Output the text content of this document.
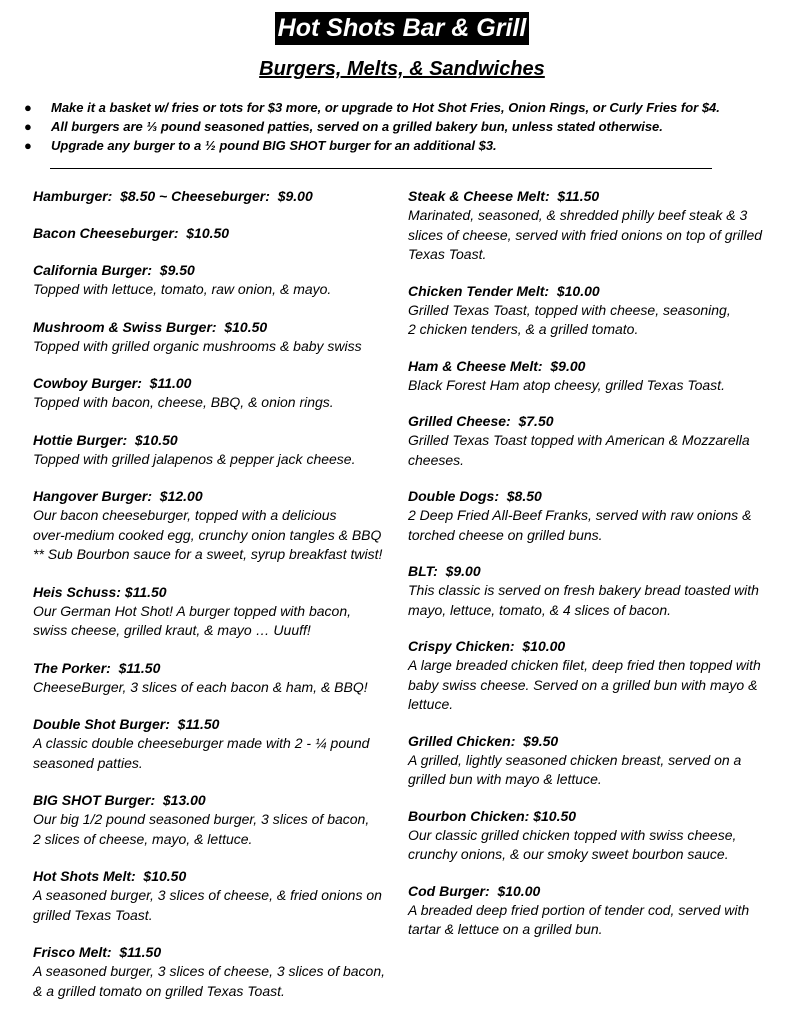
Hot Shots Bar & Grill
Burgers, Melts, & Sandwiches
● Make it a basket w/ fries or tots for $3 more, or upgrade to Hot Shot Fries, Onion Rings, or Curly Fries for $4.
● All burgers are ⅓ pound seasoned patties, served on a grilled bakery bun, unless stated otherwise.
● Upgrade any burger to a ½ pound BIG SHOT burger for an additional $3.
Hamburger:  $8.50 ~ Cheeseburger:  $9.00
Bacon Cheeseburger:  $10.50
California Burger:  $9.50
Topped with lettuce, tomato, raw onion, & mayo.
Mushroom & Swiss Burger:  $10.50
Topped with grilled organic mushrooms & baby swiss
Cowboy Burger:  $11.00
Topped with bacon, cheese, BBQ, & onion rings.
Hottie Burger:  $10.50
Topped with grilled jalapenos & pepper jack cheese.
Hangover Burger:  $12.00
Our bacon cheeseburger, topped with a delicious
over-medium cooked egg, crunchy onion tangles & BBQ
** Sub Bourbon sauce for a sweet, syrup breakfast twist!
Heis Schuss: $11.50
Our German Hot Shot! A burger topped with bacon,
swiss cheese, grilled kraut, & mayo … Uuuff!
The Porker:  $11.50
CheeseBurger, 3 slices of each bacon & ham, & BBQ!
Double Shot Burger:  $11.50
A classic double cheeseburger made with 2 - ¼ pound
seasoned patties.
BIG SHOT Burger:  $13.00
Our big 1/2 pound seasoned burger, 3 slices of bacon,
2 slices of cheese, mayo, & lettuce.
Hot Shots Melt:  $10.50
A seasoned burger, 3 slices of cheese, & fried onions on
grilled Texas Toast.
Frisco Melt:  $11.50
A seasoned burger, 3 slices of cheese, 3 slices of bacon,
& a grilled tomato on grilled Texas Toast.
Steak & Cheese Melt:  $11.50
Marinated, seasoned, & shredded philly beef steak & 3
slices of cheese, served with fried onions on top of grilled
Texas Toast.
Chicken Tender Melt:  $10.00
Grilled Texas Toast, topped with cheese, seasoning,
2 chicken tenders, & a grilled tomato.
Ham & Cheese Melt:  $9.00
Black Forest Ham atop cheesy, grilled Texas Toast.
Grilled Cheese:  $7.50
Grilled Texas Toast topped with American & Mozzarella
cheeses.
Double Dogs:  $8.50
2 Deep Fried All-Beef Franks, served with raw onions &
torched cheese on grilled buns.
BLT:  $9.00
This classic is served on fresh bakery bread toasted with
mayo, lettuce, tomato, & 4 slices of bacon.
Crispy Chicken:  $10.00
A large breaded chicken filet, deep fried then topped with
baby swiss cheese. Served on a grilled bun with mayo &
lettuce.
Grilled Chicken:  $9.50
A grilled, lightly seasoned chicken breast, served on a
grilled bun with mayo & lettuce.
Bourbon Chicken: $10.50
Our classic grilled chicken topped with swiss cheese,
crunchy onions, & our smoky sweet bourbon sauce.
Cod Burger:  $10.00
A breaded deep fried portion of tender cod, served with
tartar & lettuce on a grilled bun.
